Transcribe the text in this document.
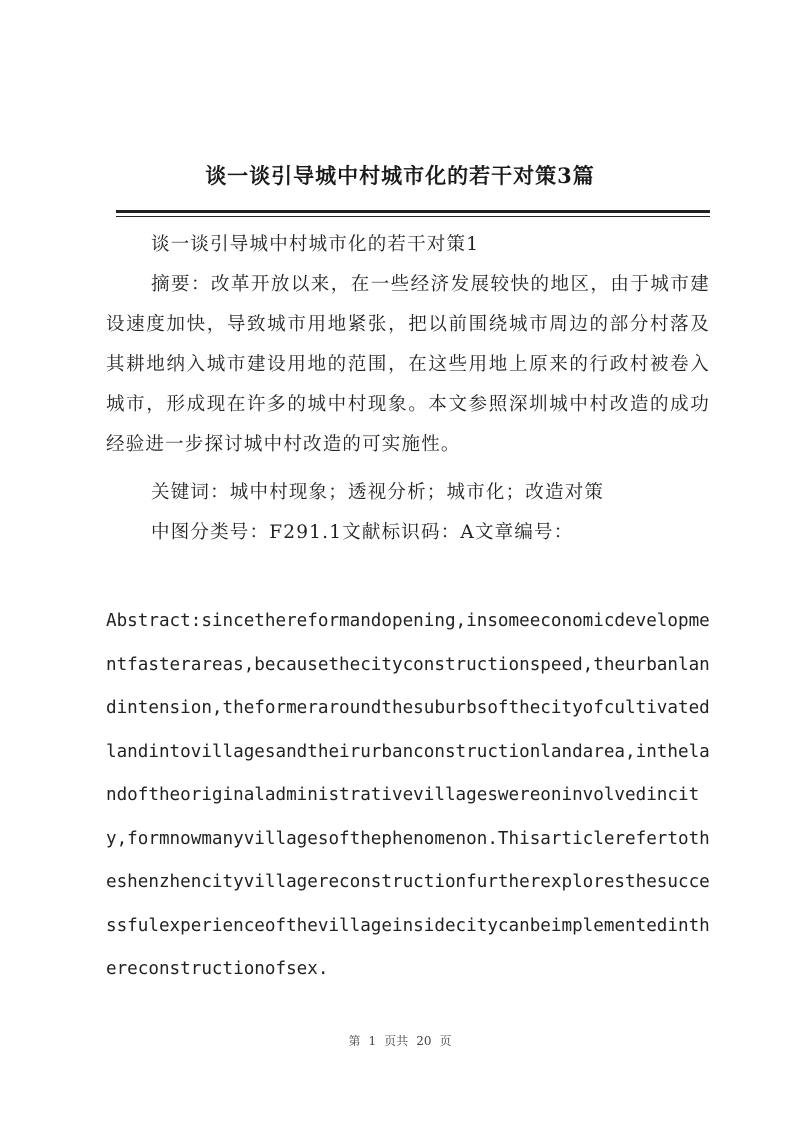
谈一谈引导城中村城市化的若干对策3篇
谈一谈引导城中村城市化的若干对策1
摘要：改革开放以来，在一些经济发展较快的地区，由于城市建设速度加快，导致城市用地紧张，把以前围绕城市周边的部分村落及其耕地纳入城市建设用地的范围，在这些用地上原来的行政村被卷入城市，形成现在许多的城中村现象。本文参照深圳城中村改造的成功经验进一步探讨城中村改造的可实施性。
关键词：城中村现象；透视分析；城市化；改造对策
中图分类号：F291.1文献标识码：A文章编号：
Abstract:sincethereformandopening,insomeeconomicdevelopmentfasterareas,becausethecityconstructionspeed,theurbanlandintension,theformeraroundthesuburbsofthecityofcultivatedlandintovillagesandtheirurbanconstructionlandarea,inthelandoftheoriginaladministrativevillageswereoninvolvedincity,formnowmanyvillagesofthephenomenon.Thisarticlerefertotheshenzhencityvillagereconstructionfurtherexploresthesuccessfulexperienceofthevillageinsidecitycanbeimplementedinthereconstructionofsex.
第 1 页共 20 页
